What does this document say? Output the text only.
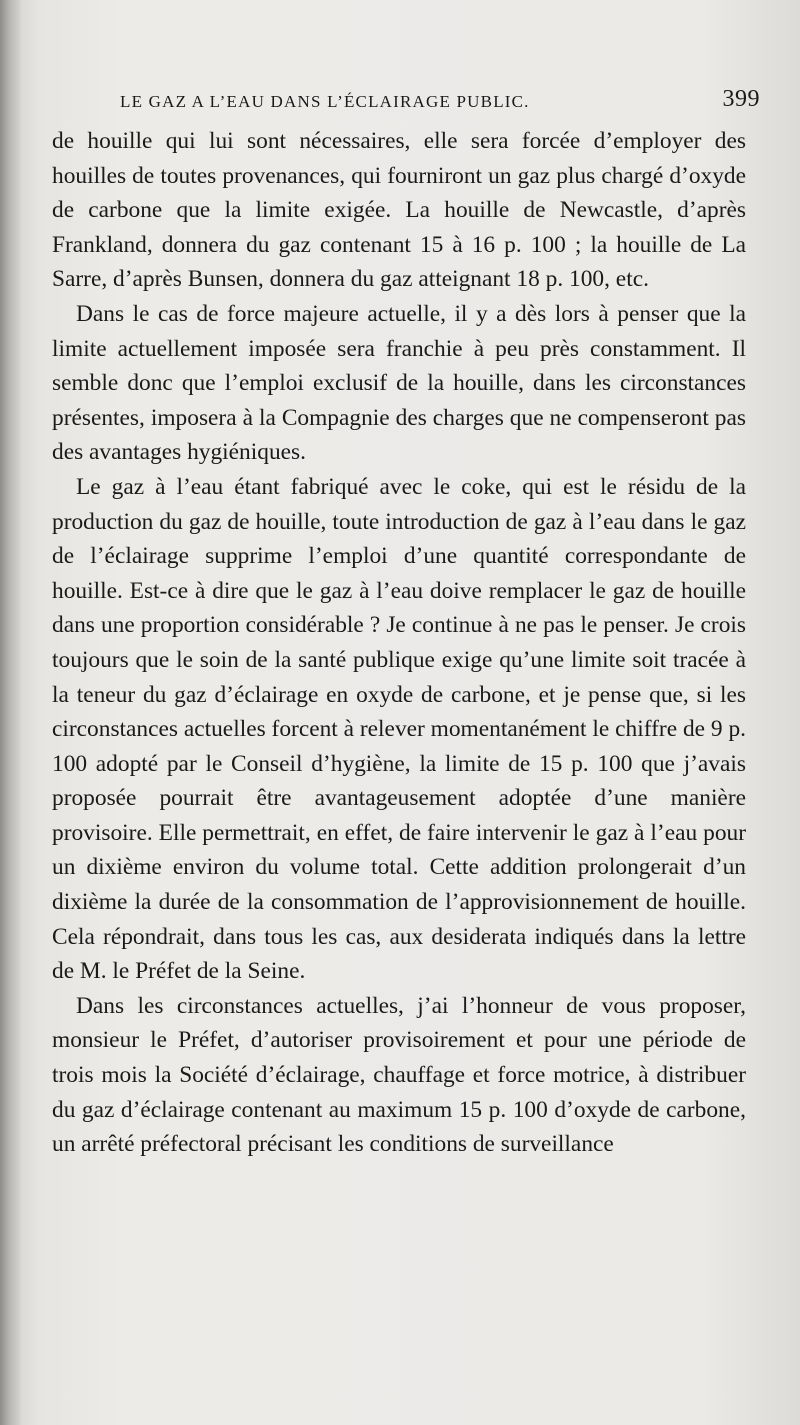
LE GAZ A L’EAU DANS L’ÉCLAIRAGE PUBLIC.	399

de houille qui lui sont nécessaires, elle sera forcée d’employer des houilles de toutes provenances, qui fourniront un gaz plus chargé d’oxyde de carbone que la limite exigée. La houille de Newcastle, d’après Frankland, donnera du gaz contenant 15 à 16 p. 100 ; la houille de La Sarre, d’après Bunsen, donnera du gaz atteignant 18 p. 100, etc.

Dans le cas de force majeure actuelle, il y a dès lors à penser que la limite actuellement imposée sera franchie à peu près constamment. Il semble donc que l’emploi exclusif de la houille, dans les circonstances présentes, imposera à la Compagnie des charges que ne compenseront pas des avantages hygiéniques.

Le gaz à l’eau étant fabriqué avec le coke, qui est le résidu de la production du gaz de houille, toute introduction de gaz à l’eau dans le gaz de l’éclairage supprime l’emploi d’une quantité correspondante de houille. Est-ce à dire que le gaz à l’eau doive remplacer le gaz de houille dans une proportion considérable ? Je continue à ne pas le penser. Je crois toujours que le soin de la santé publique exige qu’une limite soit tracée à la teneur du gaz d’éclairage en oxyde de carbone, et je pense que, si les circonstances actuelles forcent à relever momentanément le chiffre de 9 p. 100 adopté par le Conseil d’hygiène, la limite de 15 p. 100 que j’avais proposée pourrait être avantageusement adoptée d’une manière provisoire. Elle permettrait, en effet, de faire intervenir le gaz à l’eau pour un dixième environ du volume total. Cette addition prolongerait d’un dixième la durée de la consommation de l’approvisionnement de houille. Cela répondrait, dans tous les cas, aux desiderata indiqués dans la lettre de M. le Préfet de la Seine.

Dans les circonstances actuelles, j’ai l’honneur de vous proposer, monsieur le Préfet, d’autoriser provisoirement et pour une période de trois mois la Société d’éclairage, chauffage et force motrice, à distribuer du gaz d’éclairage contenant au maximum 15 p. 100 d’oxyde de carbone, un arrêté préfectoral précisant les conditions de surveillance
